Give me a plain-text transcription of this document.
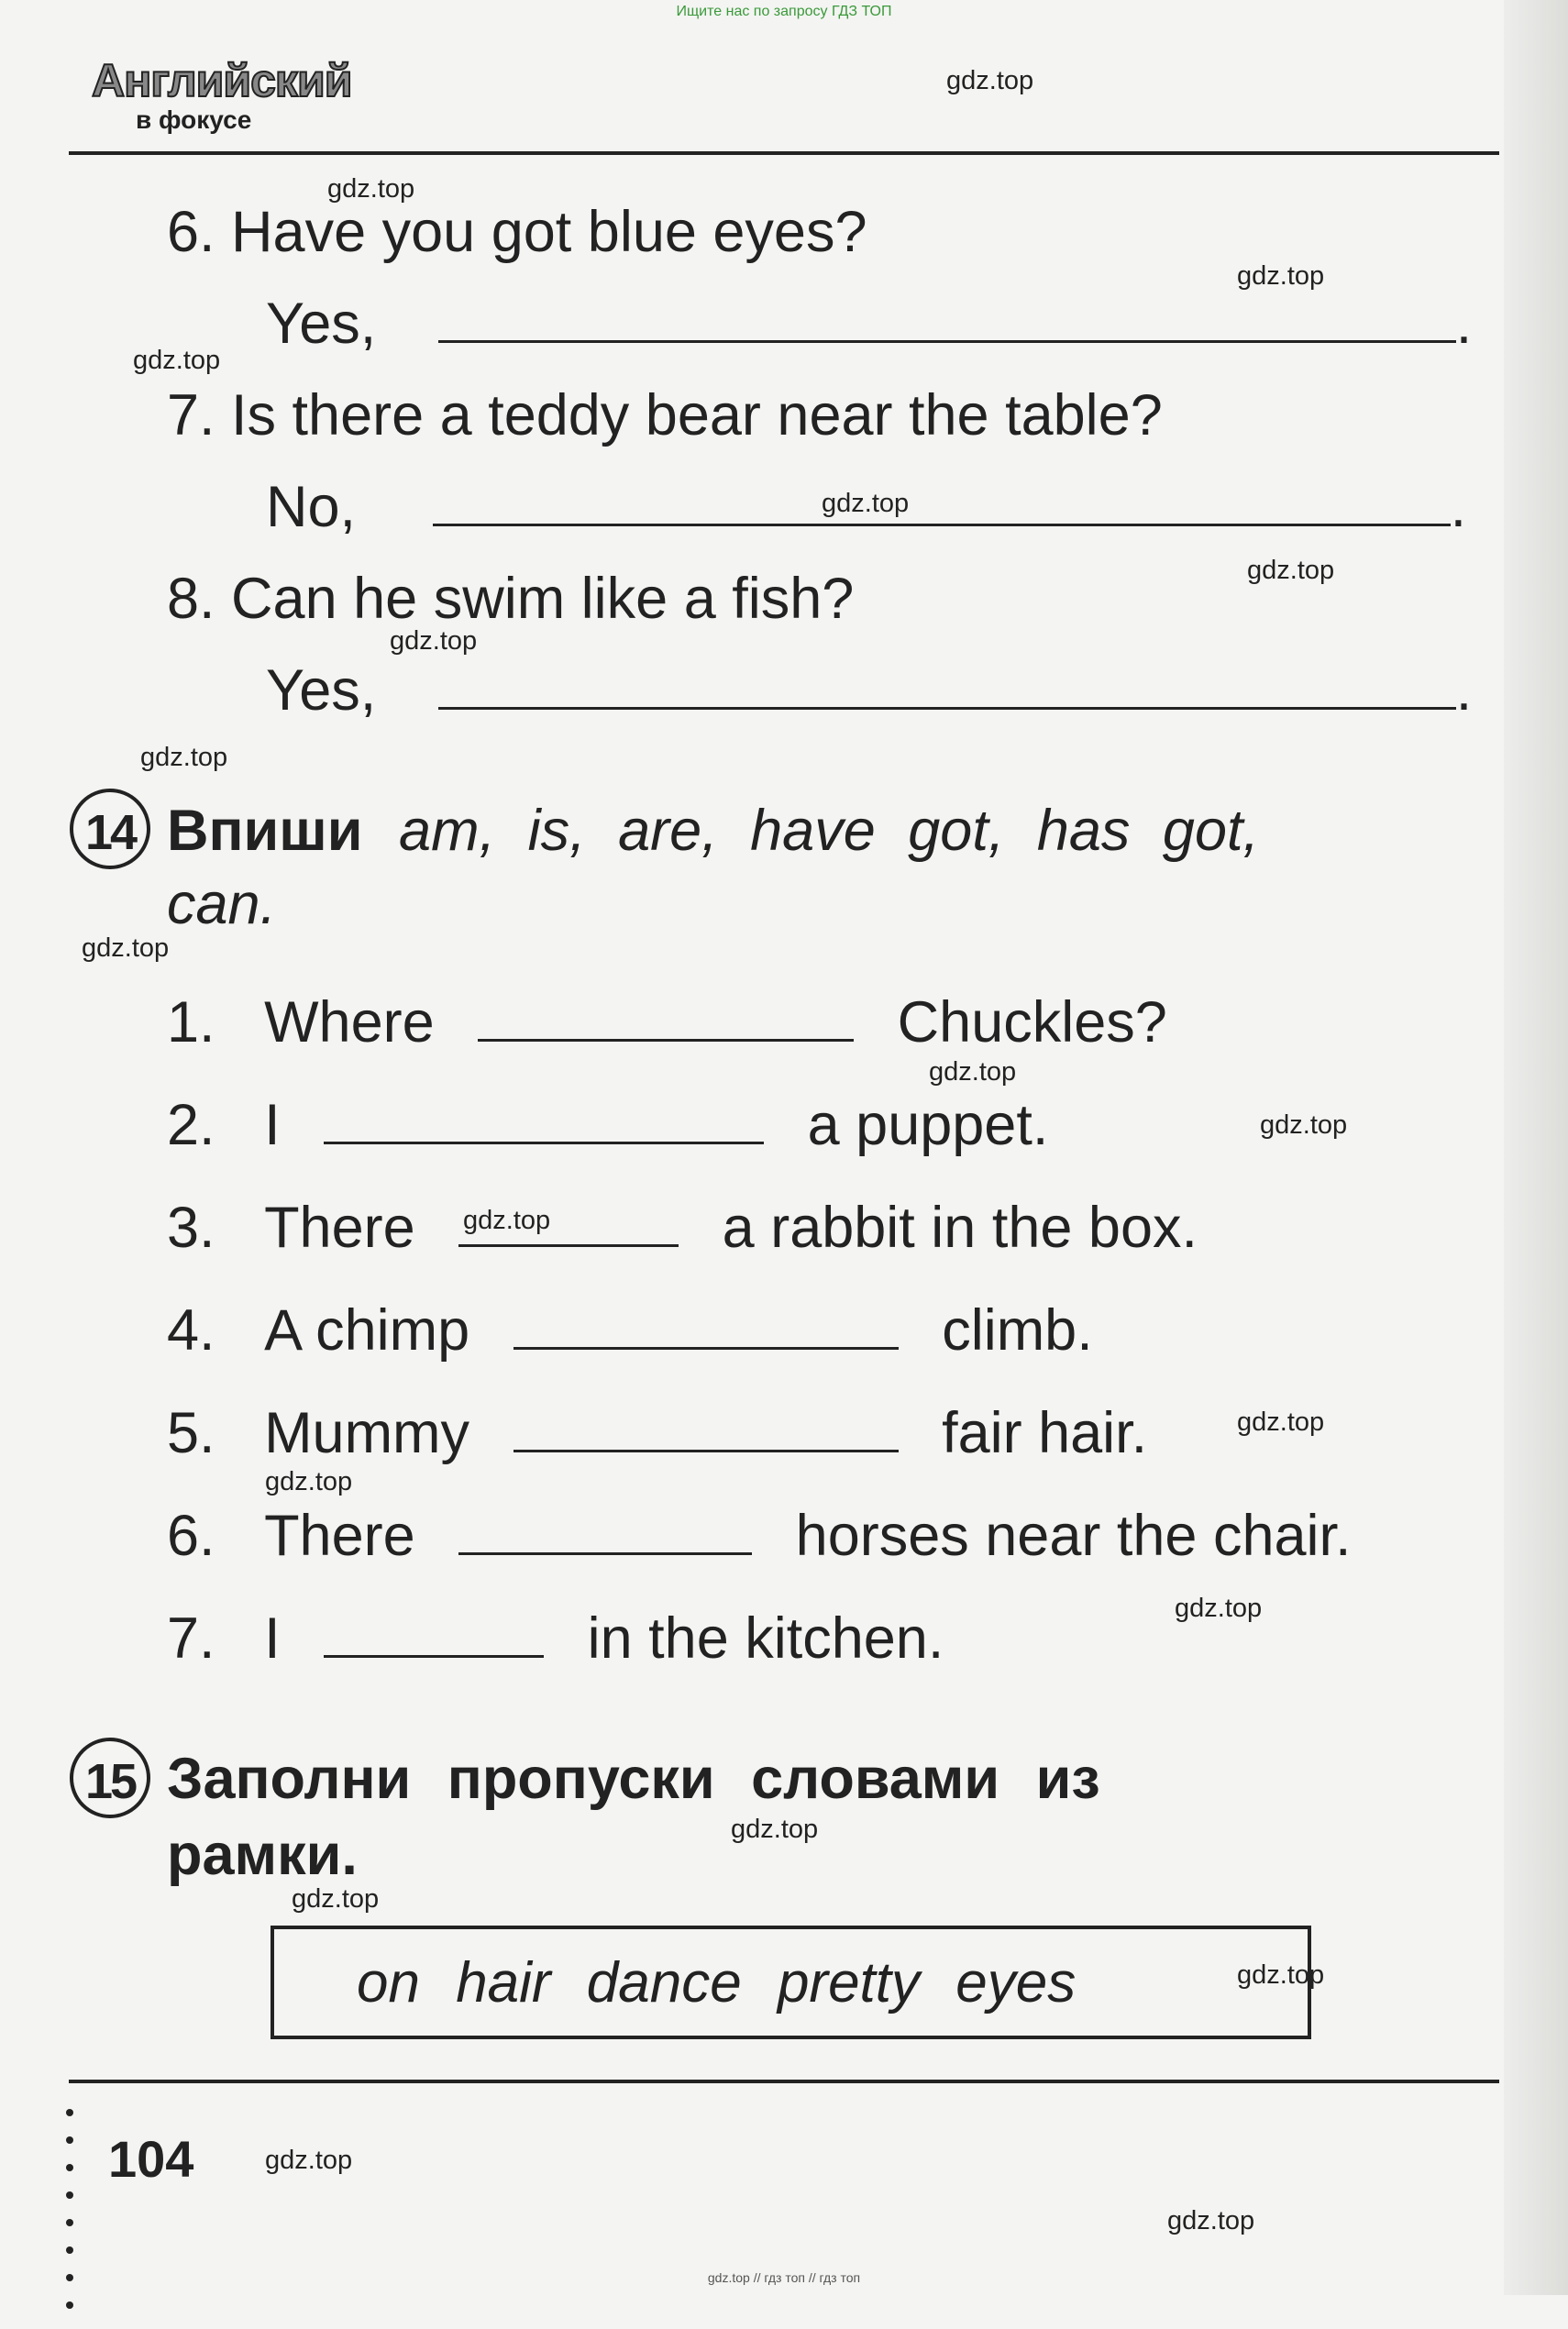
Ищите нас по запросу ГДЗ ТОП
Английский
в фокусе
gdz.top
gdz.top
gdz.top
gdz.top
gdz.top
gdz.top
gdz.top
gdz.top
gdz.top
gdz.top
gdz.top
gdz.top
gdz.top
gdz.top
gdz.top
gdz.top
gdz.top
gdz.top
gdz.top
gdz.top
6. Have you got blue eyes?
Yes,	.
7. Is there a teddy bear near the table?
No,	.
8. Can he swim like a fish?
Yes,	.
14 Впиши am, is, are, have got, has got,
can.
1. Where	Chuckles?
2. I	a puppet.
3. There	a rabbit in the box.
4. A chimp	climb.
5. Mummy	fair hair.
6. There	horses near the chair.
7. I	in the kitchen.
15 Заполни пропуски словами из
рамки.
on hair dance pretty eyes
104
gdz.top // гдз топ // гдз топ
